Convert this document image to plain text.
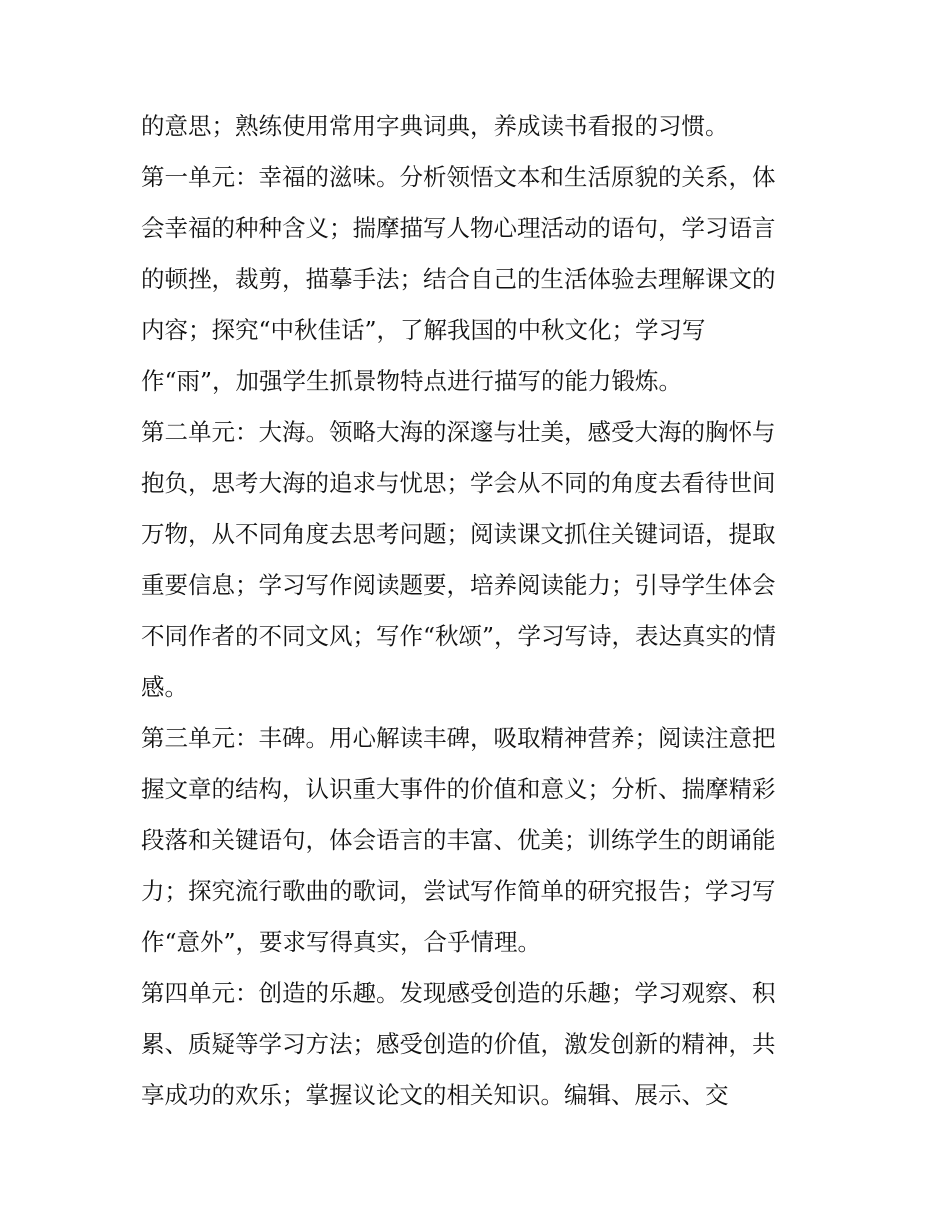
的意思；熟练使用常用字典词典，养成读书看报的习惯。
第一单元：幸福的滋味。分析领悟文本和生活原貌的关系，体
会幸福的种种含义；揣摩描写人物心理活动的语句，学习语言
的顿挫，裁剪，描摹手法；结合自己的生活体验去理解课文的
内容；探究“中秋佳话”，了解我国的中秋文化；学习写
作“雨”，加强学生抓景物特点进行描写的能力锻炼。
第二单元：大海。领略大海的深邃与壮美，感受大海的胸怀与
抱负，思考大海的追求与忧思；学会从不同的角度去看待世间
万物，从不同角度去思考问题；阅读课文抓住关键词语，提取
重要信息；学习写作阅读题要，培养阅读能力；引导学生体会
不同作者的不同文风；写作“秋颂”，学习写诗，表达真实的情
感。
第三单元：丰碑。用心解读丰碑，吸取精神营养；阅读注意把
握文章的结构，认识重大事件的价值和意义；分析、揣摩精彩
段落和关键语句，体会语言的丰富、优美；训练学生的朗诵能
力；探究流行歌曲的歌词，尝试写作简单的研究报告；学习写
作“意外”，要求写得真实，合乎情理。
第四单元：创造的乐趣。发现感受创造的乐趣；学习观察、积
累、质疑等学习方法；感受创造的价值，激发创新的精神，共
享成功的欢乐；掌握议论文的相关知识。编辑、展示、交
